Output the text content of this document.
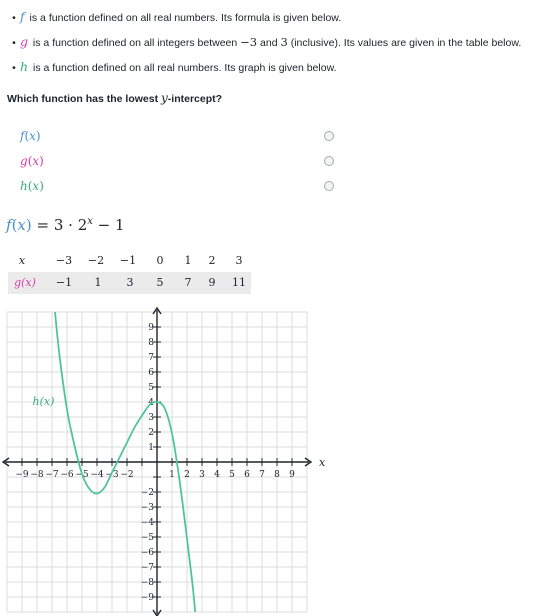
• f is a function defined on all real numbers. Its formula is given below.
• g is a function defined on all integers between −3 and 3 (inclusive). Its values are given in the table below.
• h is a function defined on all real numbers. Its graph is given below.
Which function has the lowest y-intercept?
f(x)
g(x)
h(x)
$f(x) = 3 \cdot 2^x - 1$
x	−3	−2	−1	0	1	2	3
g(x)	−1	1	3	5	7	9	11
−9 −8 −7 −6 −5 −4 −3 −2	1 2 3 4 5 6 7 8 9
9
8
7
6
5
4
3
2
1
−2
−3
−4
−5
−6
−7
−8
−9
x
h(x)
